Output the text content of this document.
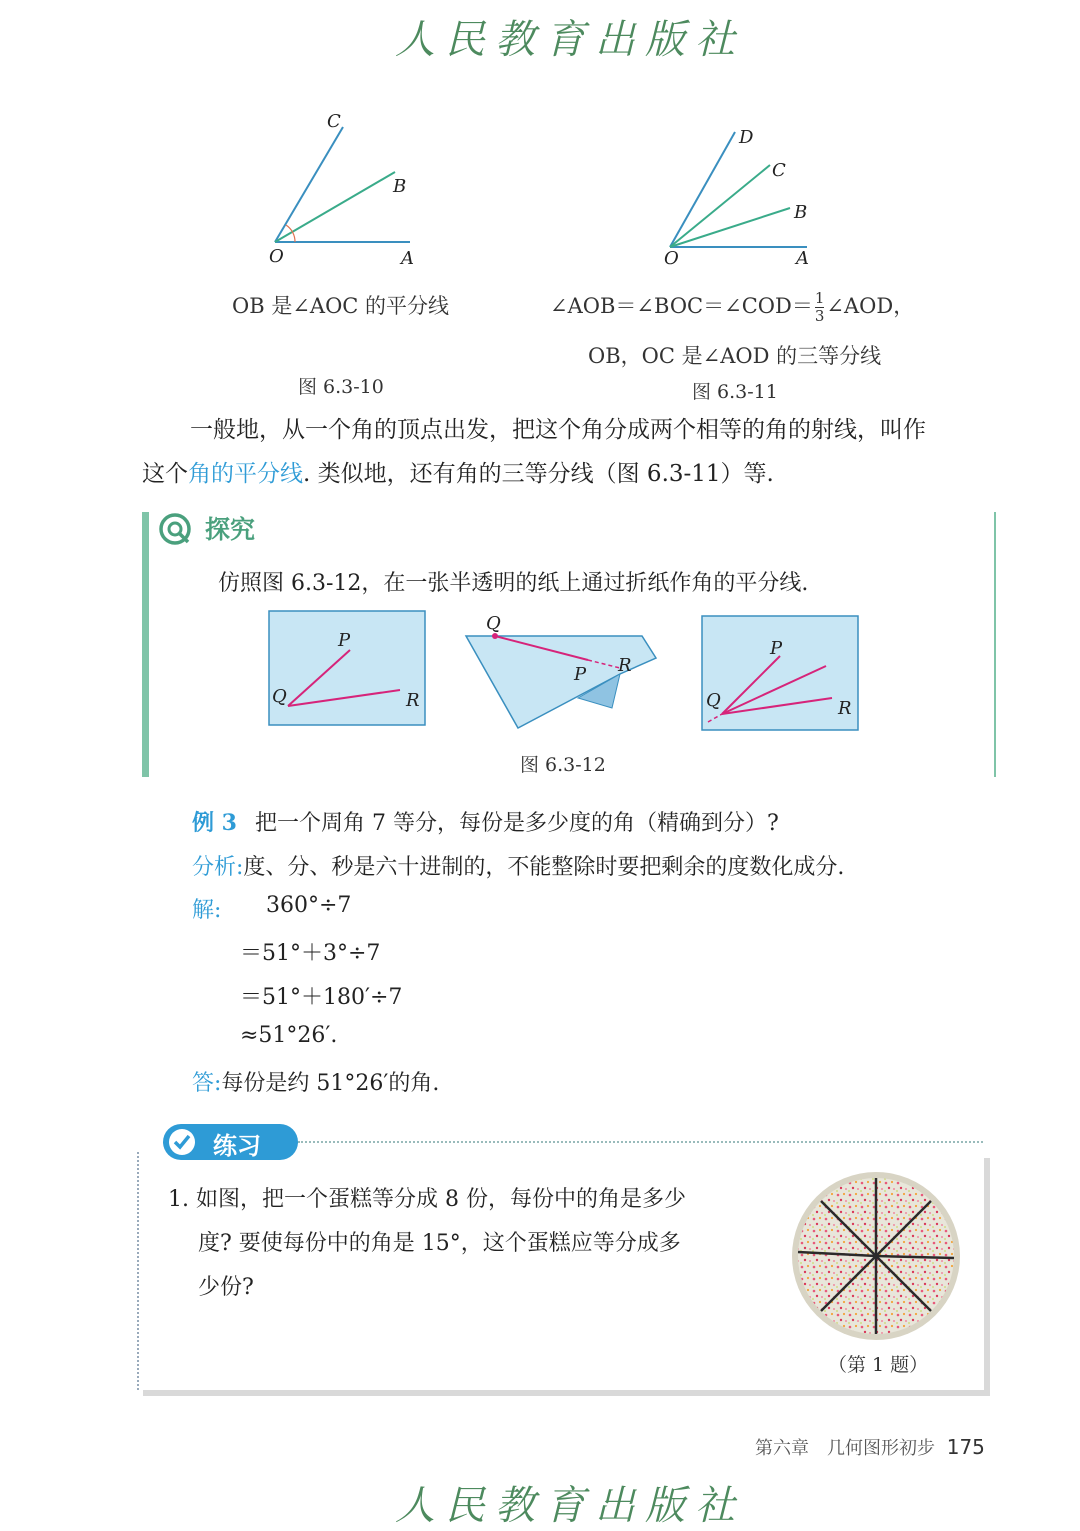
人民教育出版社
C
B
O	A
OB 是∠AOC 的平分线
图 6.3-10
D
C
B
O	A
∠AOB＝∠BOC＝∠COD＝ $\frac{1}{3}$ ∠AOD，
OB，OC 是∠AOD 的三等分线
图 6.3-11
一般地，从一个角的顶点出发，把这个角分成两个相等的角的射线，叫作
这个角的平分线. 类似地，还有角的三等分线（图 6.3-11）等.
探究
仿照图 6.3-12，在一张半透明的纸上通过折纸作角的平分线.
P
Q	R
Q
P R
P
Q	R
图 6.3-12
例 3 把一个周角 7 等分，每份是多少度的角（精确到分）?
分析:度、分、秒是六十进制的，不能整除时要把剩余的度数化成分.
解: 360°÷7
＝51°＋3°÷7
＝51°＋180′÷7
≈51°26′.
答:每份是约 51°26′的角.
练习
1. 如图，把一个蛋糕等分成 8 份，每份中的角是多少
度? 要使每份中的角是 15°，这个蛋糕应等分成多
少份?
（第 1 题）
第六章　几何图形初步 175
人民教育出版社
